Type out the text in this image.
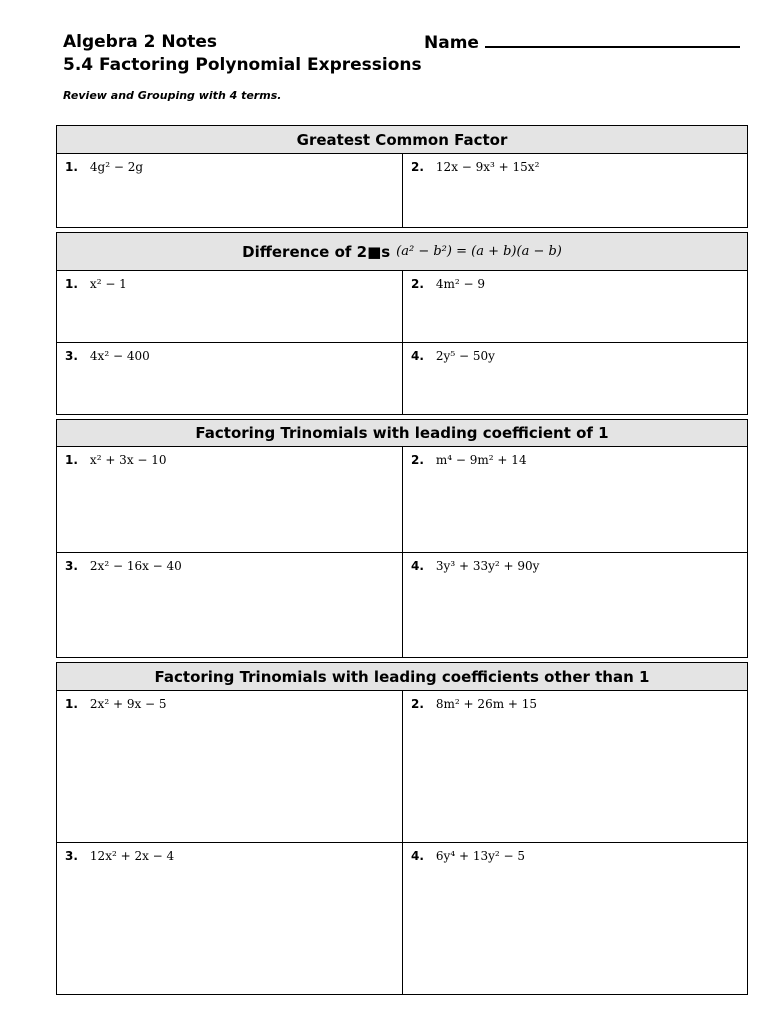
Algebra 2 Notes
5.4 Factoring Polynomial Expressions
Review and Grouping with 4 terms.
Name
Greatest Common Factor
1. 4g² − 2g	2. 12x − 9x³ + 15x²
Difference of 2■s (a² − b²) = (a + b)(a − b)
1. x² − 1	2. 4m² − 9
3. 4x² − 400	4. 2y⁵ − 50y
Factoring Trinomials with leading coefficient of 1
1. x² + 3x − 10	2. m⁴ − 9m² + 14
3. 2x² − 16x − 40	4. 3y³ + 33y² + 90y
Factoring Trinomials with leading coefficients other than 1
1. 2x² + 9x − 5	2. 8m² + 26m + 15
3. 12x² + 2x − 4	4. 6y⁴ + 13y² − 5
